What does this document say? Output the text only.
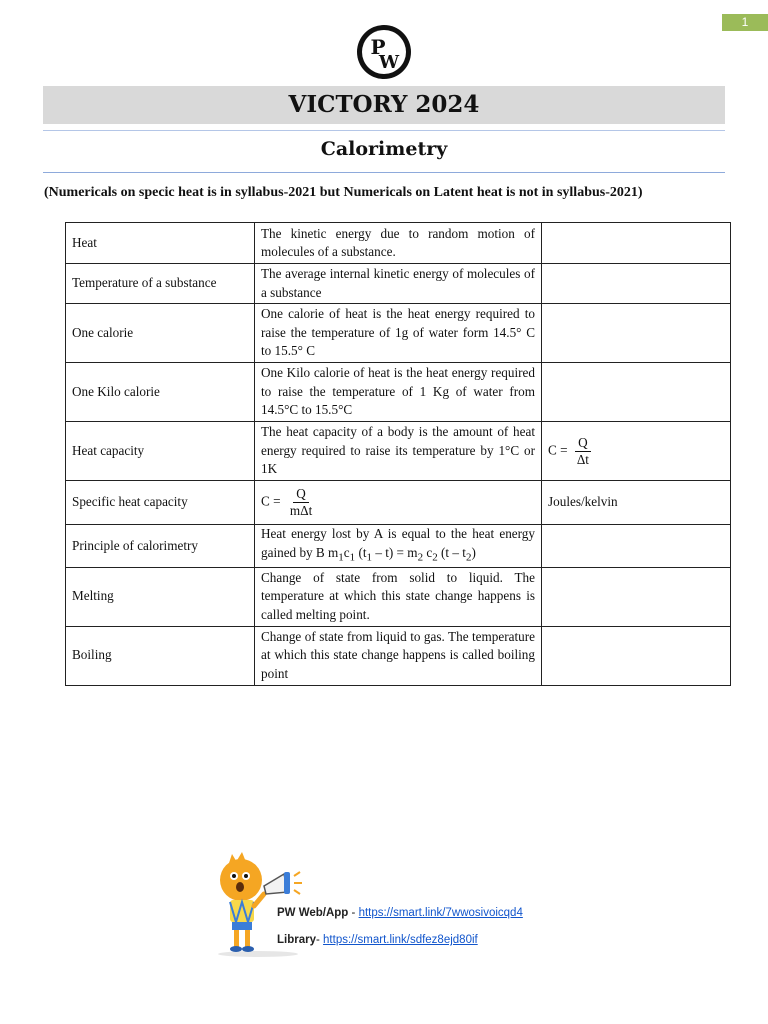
1
P
W
VICTORY 2024
Calorimetry
(Numericals on specic heat is in syllabus-2021 but Numericals on Latent heat is not in syllabus-2021)
Heat	The kinetic energy due to random motion of molecules of a substance.	
Temperature of a substance	The average internal kinetic energy of molecules of a substance	
One calorie	One calorie of heat is the heat energy required to raise the temperature of 1g of water form 14.5° C to 15.5° C	
One Kilo calorie	One Kilo calorie of heat is the heat energy required to raise the temperature of 1 Kg of water from 14.5°C to 15.5°C	
Heat capacity	The heat capacity of a body is the amount of heat energy required to raise its temperature by 1°C or 1K	$C = \frac{Q}{\Delta t}$

Specific heat capacity	$C = \frac{Q}{\text{mΔt}}$	Joules/kelvin
Principle of calorimetry	Heat energy lost by A is equal to the heat energy gained by B $m_1c_1$ $(t_1 - t) = m_2$ $c_2$ $(t - t_2)$	
Melting	Change of state from solid to liquid. The temperature at which this state change happens is called melting point.	
Boiling	Change of state from liquid to gas. The temperature at which this state change happens is called boiling point	
PW Web/App - https://smart.link/7wwosivoicqd4
Library- https://smart.link/sdfez8ejd80if
